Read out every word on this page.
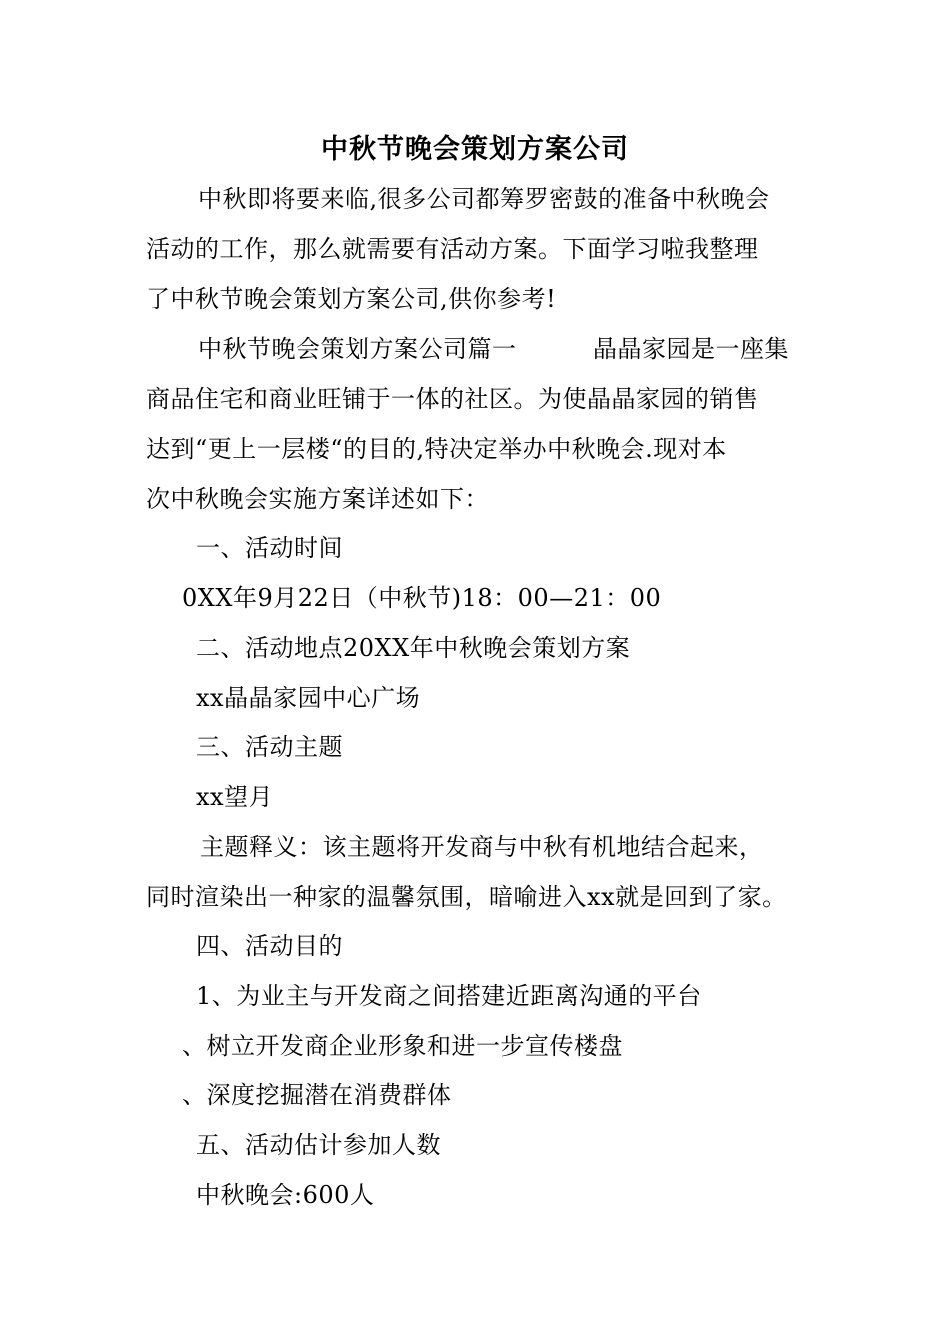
中秋节晚会策划方案公司
中秋即将要来临,很多公司都筹罗密鼓的准备中秋晚会
活动的工作，那么就需要有活动方案。下面学习啦我整理
了中秋节晚会策划方案公司,供你参考!
中秋节晚会策划方案公司篇一	晶晶家园是一座集
商品住宅和商业旺铺于一体的社区。为使晶晶家园的销售
达到“更上一层楼“的目的,特决定举办中秋晚会.现对本
次中秋晚会实施方案详述如下：
一、活动时间
0XX年9月22日（中秋节)18：00—21：00
二、活动地点20XX年中秋晚会策划方案
xx晶晶家园中心广场
三、活动主题
xx望月
主题释义：该主题将开发商与中秋有机地结合起来，
同时渲染出一种家的温馨氛围，暗喻进入xx就是回到了家。
四、活动目的
1、为业主与开发商之间搭建近距离沟通的平台
、树立开发商企业形象和进一步宣传楼盘
、深度挖掘潜在消费群体
五、活动估计参加人数
中秋晚会:600人
